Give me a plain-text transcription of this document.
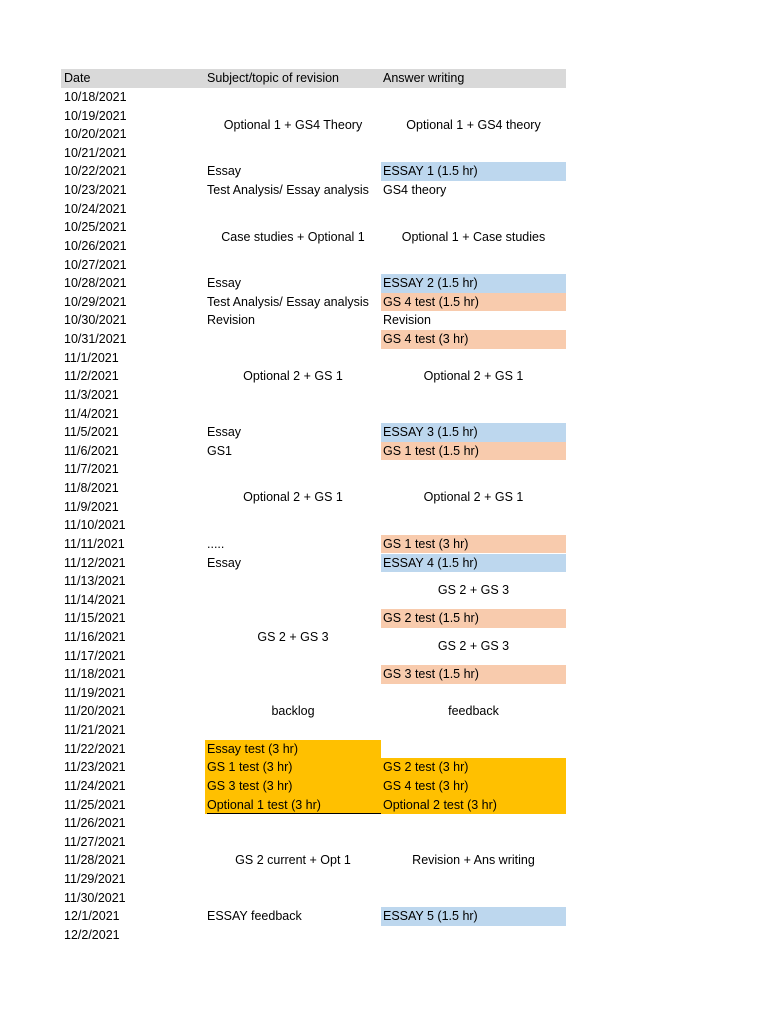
Date	Subject/topic of revision	Answer writing
10/18/2021
10/19/2021
10/20/2021
10/21/2021
10/22/2021
10/23/2021
10/24/2021
10/25/2021
10/26/2021
10/27/2021
10/28/2021
10/29/2021
10/30/2021
10/31/2021
11/1/2021
11/2/2021
11/3/2021
11/4/2021
11/5/2021
11/6/2021
11/7/2021
11/8/2021
11/9/2021
11/10/2021
11/11/2021
11/12/2021
11/13/2021
11/14/2021
11/15/2021
11/16/2021
11/17/2021
11/18/2021
11/19/2021
11/20/2021
11/21/2021
11/22/2021
11/23/2021
11/24/2021
11/25/2021
11/26/2021
11/27/2021
11/28/2021
11/29/2021
11/30/2021
12/1/2021
12/2/2021
Essay
Test Analysis/ Essay analysis
Essay
Test Analysis/ Essay analysis
Revision
Essay
GS1
.....
Essay
Essay test (3 hr)
GS 1 test (3 hr)
GS 3 test (3 hr)
Optional 1 test (3 hr)
ESSAY feedback
ESSAY 1 (1.5 hr)
GS4 theory
ESSAY 2 (1.5 hr)
GS 4 test (1.5 hr)
Revision
GS 4 test (3 hr)
ESSAY 3 (1.5 hr)
GS 1 test (1.5 hr)
GS 1 test (3 hr)
ESSAY 4 (1.5 hr)
GS 2 test (1.5 hr)
GS 3 test (1.5 hr)
GS 2 test (3 hr)
GS 4 test (3 hr)
Optional 2 test (3 hr)
ESSAY 5 (1.5 hr)
Optional 1 + GS4 Theory
Case studies + Optional 1
Optional 2 + GS 1
Optional 2 + GS 1
GS 2 + GS 3
backlog
GS 2 current + Opt 1
Optional 1 + GS4 theory
Optional 1 + Case studies
Optional 2 + GS 1
Optional 2 + GS 1
GS 2 + GS 3
GS 2 + GS 3
feedback
Revision + Ans writing
